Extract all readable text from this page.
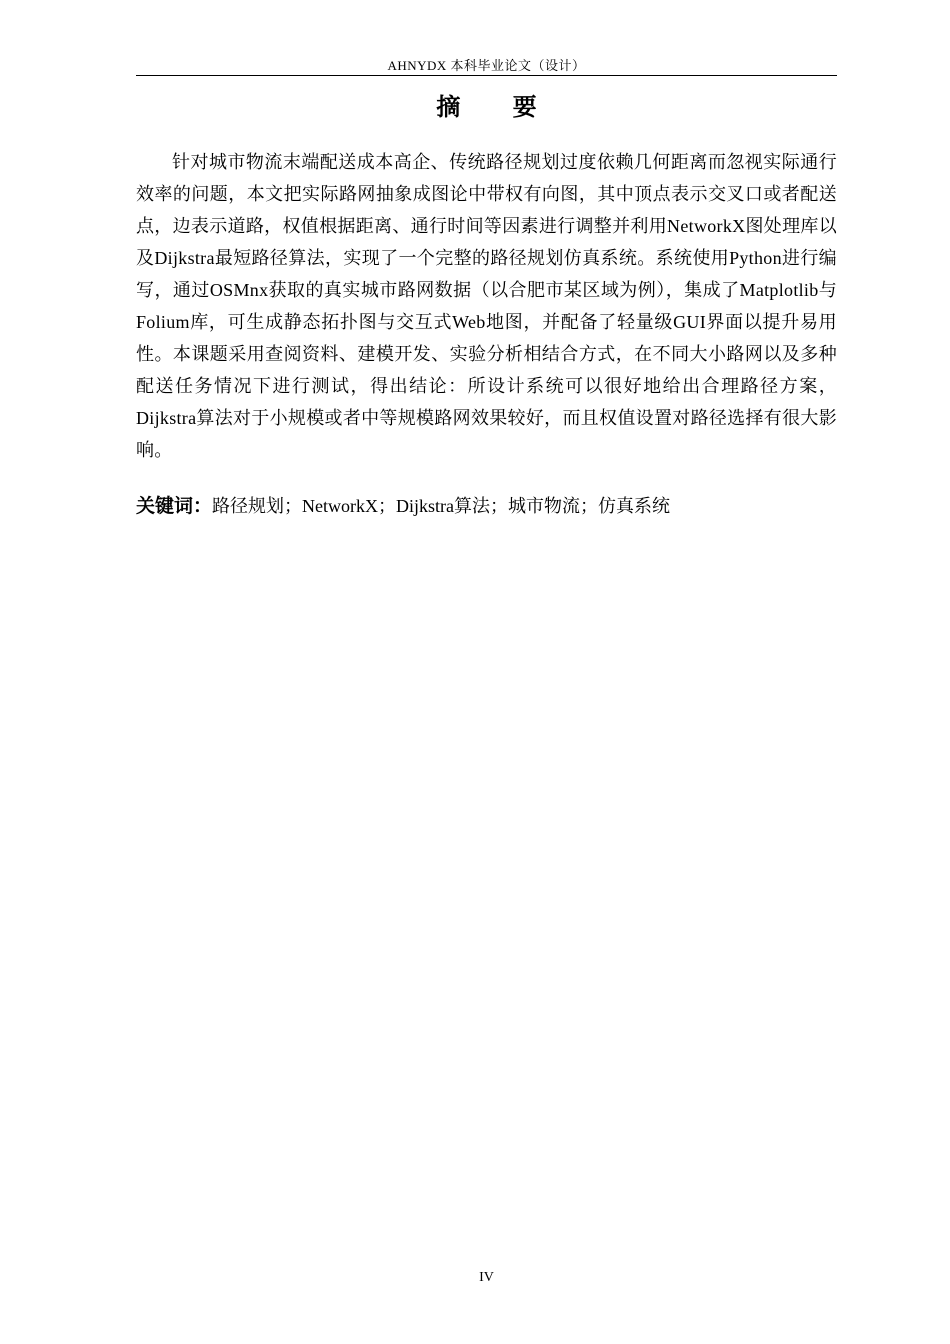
AHNYDX 本科毕业论文（设计）
摘 要

针对城市物流末端配送成本高企、传统路径规划过度依赖几何距离而忽视实际通行效率的问题，本文把实际路网抽象成图论中带权有向图，其中顶点表示交叉口或者配送点，边表示道路，权值根据距离、通行时间等因素进行调整并利用NetworkX图处理库以及Dijkstra最短路径算法，实现了一个完整的路径规划仿真系统。系统使用Python进行编写，通过OSMnx获取的真实城市路网数据（以合肥市某区域为例），集成了Matplotlib与Folium库，可生成静态拓扑图与交互式Web地图，并配备了轻量级GUI界面以提升易用性。本课题采用查阅资料、建模开发、实验分析相结合方式，在不同大小路网以及多种配送任务情况下进行测试，得出结论：所设计系统可以很好地给出合理路径方案，Dijkstra算法对于小规模或者中等规模路网效果较好，而且权值设置对路径选择有很大影响。

关键词：路径规划；NetworkX；Dijkstra算法；城市物流；仿真系统
IV
